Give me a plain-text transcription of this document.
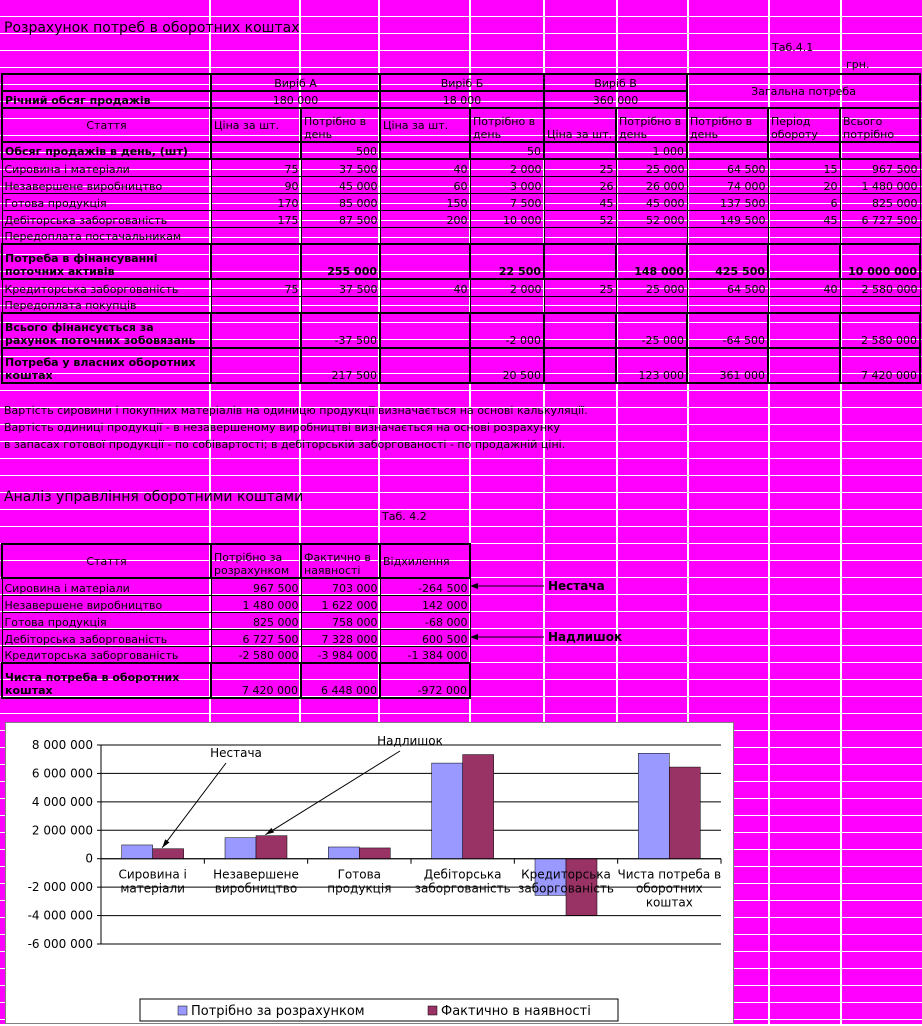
Розрахунок потреб в оборотних коштах
Таб.4.1
грн.
	Виріб А		Виріб Б		Виріб В		Загальна потреба		
Річний обсяг продажів	180 000		18 000		360 000				
Стаття	Ціна за шт.	Потрібно в день	Ціна за шт.	Потрібно в день	Ціна за шт.	Потрібно в день	Потрібно в день	Період обороту	Всього потрібно
Обсяг продажів в день, (шт)		500		50		1 000			
Сировина і матеріали	75	37 500	40	2 000	25	25 000	64 500	15	967 500
Незавершене виробництво	90	45 000	60	3 000	26	26 000	74 000	20	1 480 000
Готова продукція	170	85 000	150	7 500	45	45 000	137 500	6	825 000
Дебіторська заборгованість	175	87 500	200	10 000	52	52 000	149 500	45	6 727 500
Передоплата постачальникам									
Потреба в фінансуванні поточних активів		255 000		22 500		148 000	425 500		10 000 000
Кредиторська заборгованість	75	37 500	40	2 000	25	25 000	64 500	40	2 580 000
Передоплата покупців									
Всього фінансується за рахунок поточних зобовязань		-37 500		-2 000		-25 000	-64 500		2 580 000
Потреба у власних оборотних коштах		217 500		20 500		123 000	361 000		7 420 000
Вартість сировини і покупних матеріалів на одиницю продукції визначається на основі калькуляції.
Вартість одиниці продукції - в незавершеному виробництві визначається на основі розрахунку
в запасах готової продукції - по собівартості; в дебіторській заборгованості - по продажній ціні.
Аналіз управління оборотними коштами
Таб. 4.2
Стаття	Потрібно за розрахунком	Фактично в наявності	Відхилення
Сировина і матеріали	967 500	703 000	-264 500
Незавершене виробництво	1 480 000	1 622 000	142 000
Готова продукція	825 000	758 000	-68 000
Дебіторська заборгованість	6 727 500	7 328 000	600 500
Кредиторська заборгованість	-2 580 000	-3 984 000	-1 384 000
Чиста потреба в оборотних коштах	7 420 000	6 448 000	-972 000
Нестача
Надлишок
8 000 000
6 000 000
4 000 000
2 000 000
0
-2 000 000
-4 000 000
-6 000 000
Сировина і
матеріали
Незавершене
виробництво
Готова
продукція
Дебіторська
заборгованість
Кредиторська
заборгованість
Чиста потреба в
оборотних
коштах
Нестача
Надлишок
Потрібно за розрахунком	Фактично в наявності
